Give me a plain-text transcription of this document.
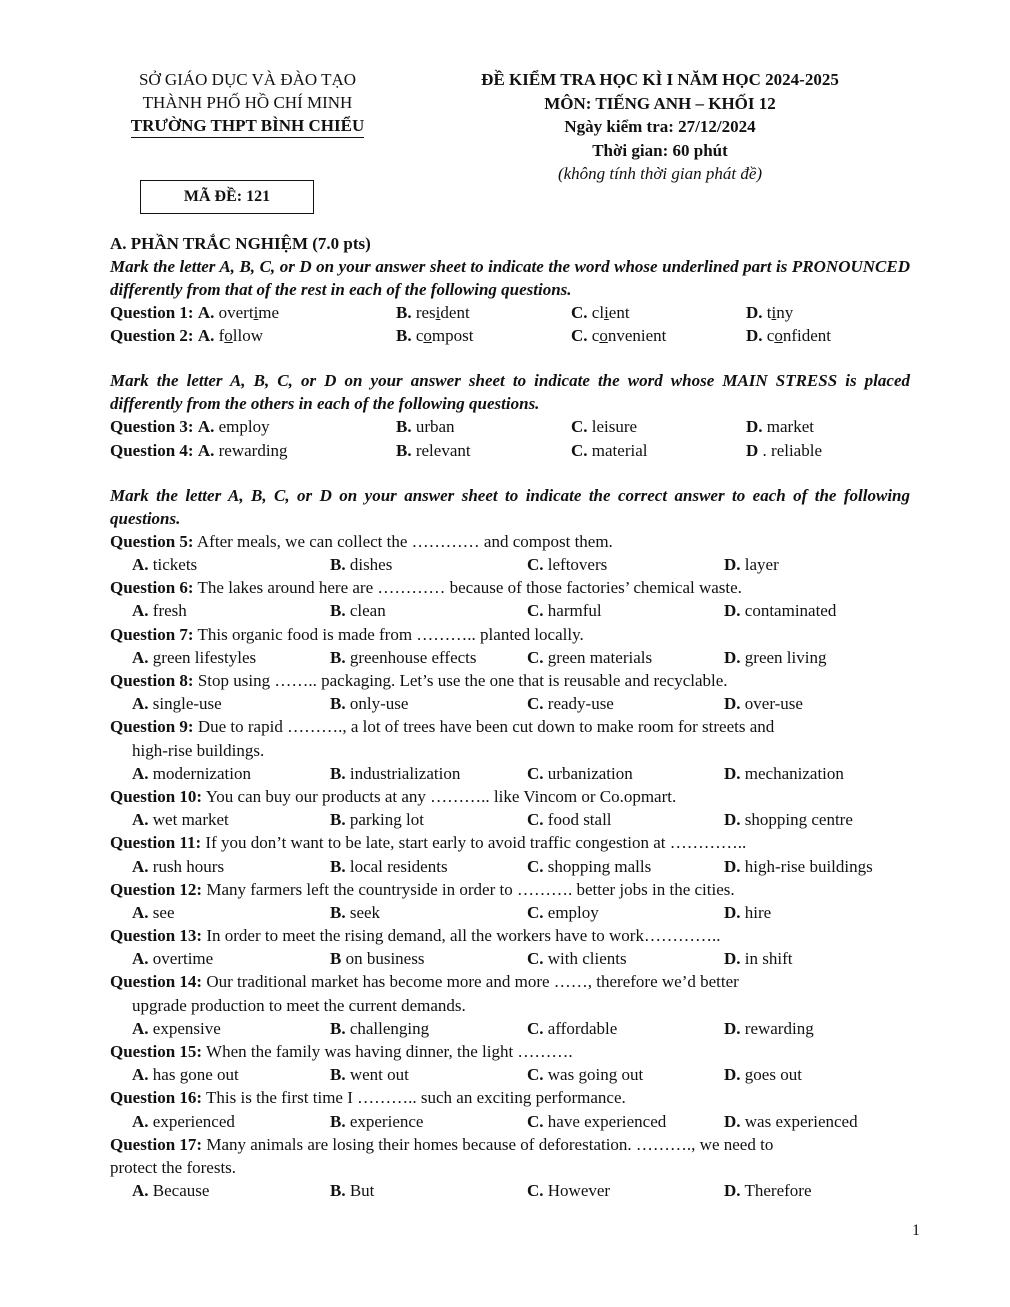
SỞ GIÁO DỤC VÀ ĐÀO TẠO
THÀNH PHỐ HỒ CHÍ MINH
TRƯỜNG THPT BÌNH CHIỂU
ĐỀ KIỂM TRA HỌC KÌ I NĂM HỌC 2024-2025
MÔN: TIẾNG ANH – KHỐI 12
Ngày kiểm tra: 27/12/2024
Thời gian: 60 phút
(không tính thời gian phát đề)
MÃ ĐỀ: 121
A. PHẦN TRẮC NGHIỆM (7.0 pts)
Mark the letter A, B, C, or D on your answer sheet to indicate the word whose underlined part is PRONOUNCED differently from that of the rest in each of the following questions.
Question 1: A. overtime	B. resident	C. client	D. tiny
Question 2: A. follow	B. compost	C. convenient	D. confident
Mark the letter A, B, C, or D on your answer sheet to indicate the word whose MAIN STRESS is placed differently from the others in each of the following questions.
Question 3: A. employ	B. urban	C. leisure	D. market
Question 4: A. rewarding	B. relevant	C. material	D . reliable
Mark the letter A, B, C, or D on your answer sheet to indicate the correct answer to each of the following questions.
Question 5: After meals, we can collect the ………… and compost them.
A. tickets	B. dishes	C. leftovers	D. layer
Question 6: The lakes around here are ………… because of those factories’ chemical waste.
A. fresh	B. clean	C. harmful	D. contaminated
Question 7: This organic food is made from ……….. planted locally.
A. green lifestyles	B. greenhouse effects	C. green materials	D. green living
Question 8: Stop using …….. packaging. Let’s use the one that is reusable and recyclable.
A. single-use	B. only-use	C. ready-use	D. over-use
Question 9: Due to rapid ………., a lot of trees have been cut down to make room for streets and
high-rise buildings.
A. modernization	B. industrialization	C. urbanization	D. mechanization
Question 10: You can buy our products at any ……….. like Vincom or Co.opmart.
A. wet market	B. parking lot	C. food stall	D. shopping centre
Question 11: If you don’t want to be late, start early to avoid traffic congestion at …………..
A. rush hours	B. local residents	C. shopping malls	D. high-rise buildings
Question 12: Many farmers left the countryside in order to ………. better jobs in the cities.
A. see	B. seek	C. employ	D. hire
Question 13: In order to meet the rising demand, all the workers have to work…………..
A. overtime	B on business	C. with clients	D. in shift
Question 14: Our traditional market has become more and more ……, therefore we’d better
upgrade production to meet the current demands.
A. expensive	B. challenging	C. affordable	D. rewarding
Question 15: When the family was having dinner, the light ……….
A. has gone out	B. went out	C. was going out	D. goes out
Question 16: This is the first time I ……….. such an exciting performance.
A. experienced	B. experience	C. have experienced	D. was experienced
Question 17: Many animals are losing their homes because of deforestation. ………., we need to
protect the forests.
A. Because	B. But	C. However	D. Therefore
1
